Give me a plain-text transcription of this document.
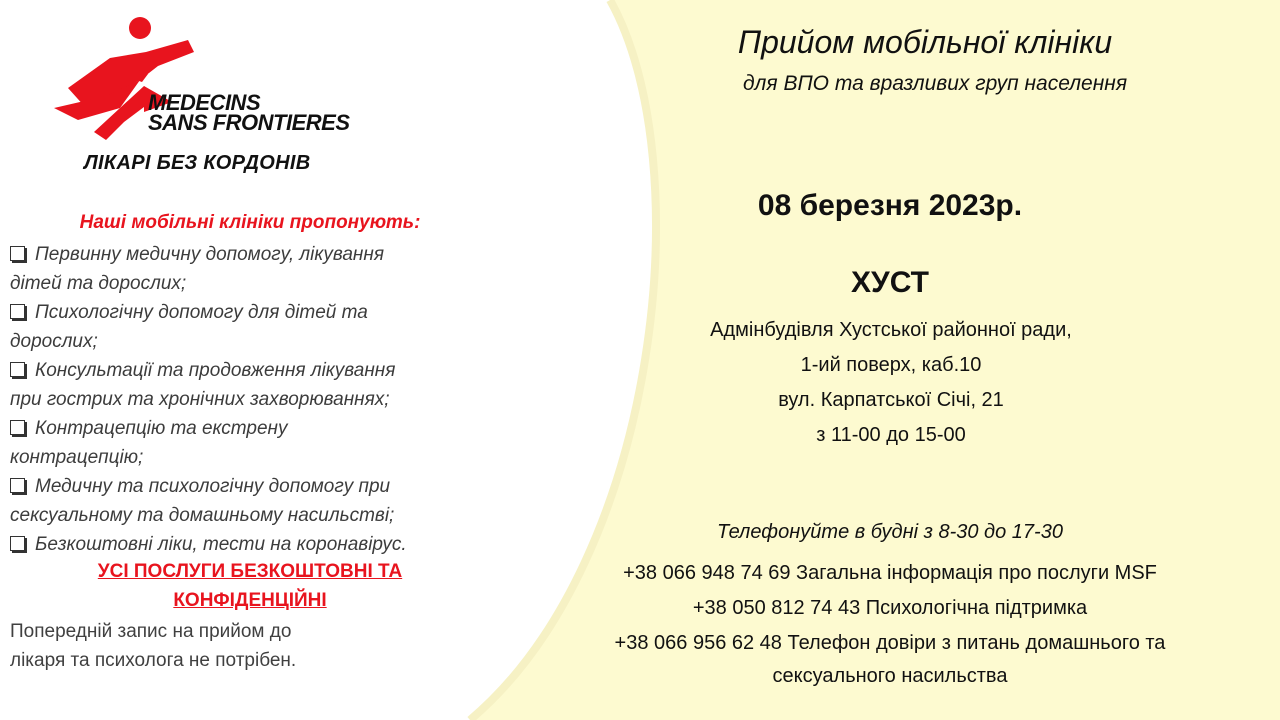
MEDECINS
SANS FRONTIERES
ЛІКАРІ БЕЗ КОРДОНІВ
Наші мобільні клініки пропонують:
Первинну медичну допомогу, лікування
дітей та дорослих;
Психологічну допомогу для дітей та
дорослих;
Консультації та продовження лікування
при гострих та хронічних захворюваннях;
Контрацепцію та екстрену
контрацепцію;
Медичну та психологічну допомогу при
сексуальному та домашньому насильстві;
Безкоштовні ліки, тести на коронавірус.
УСІ ПОСЛУГИ БЕЗКОШТОВНІ ТА
КОНФІДЕНЦІЙНІ
Попередній запис на прийом до
лікаря та психолога не потрібен.
Прийом мобільної клініки
для ВПО та вразливих груп населення
08 березня 2023р.
ХУСТ
Адмінбудівля Хустської районної ради,
1-ий поверх, каб.10
вул. Карпатської Січі, 21
з 11-00 до 15-00
Телефонуйте в будні з 8-30 до 17-30
+38 066 948 74 69 Загальна інформація про послуги MSF
+38 050 812 74 43 Психологічна підтримка
+38 066 956 62 48 Телефон довіри з питань домашнього та
сексуального насильства
